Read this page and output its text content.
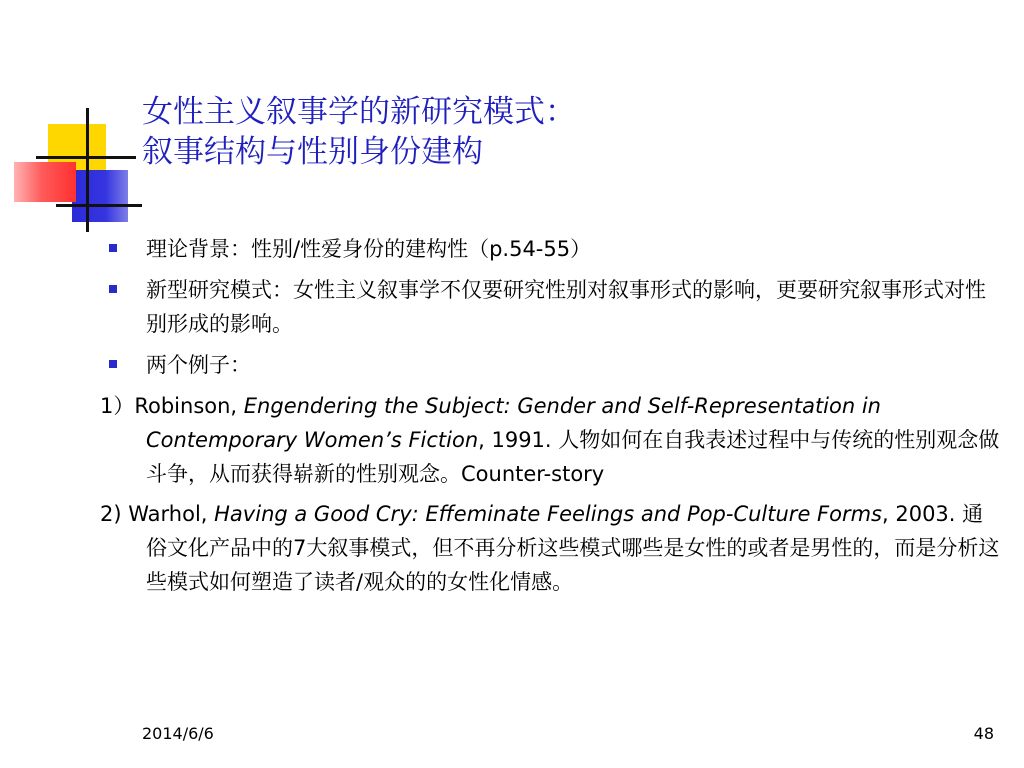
女性主义叙事学的新研究模式：
叙事结构与性别身份建构
理论背景：性别/性爱身份的建构性（p.54-55）
新型研究模式：女性主义叙事学不仅要研究性别对叙事形式的影响，更要研究叙事形式对性别形成的影响。
两个例子：
1）Robinson, Engendering the Subject: Gender and Self-Representation in Contemporary Women’s Fiction, 1991. 人物如何在自我表述过程中与传统的性别观念做斗争，从而获得崭新的性别观念。Counter-story
2) Warhol, Having a Good Cry: Effeminate Feelings and Pop-Culture Forms, 2003. 通俗文化产品中的7大叙事模式，但不再分析这些模式哪些是女性的或者是男性的，而是分析这些模式如何塑造了读者/观众的的女性化情感。
2014/6/6	48
